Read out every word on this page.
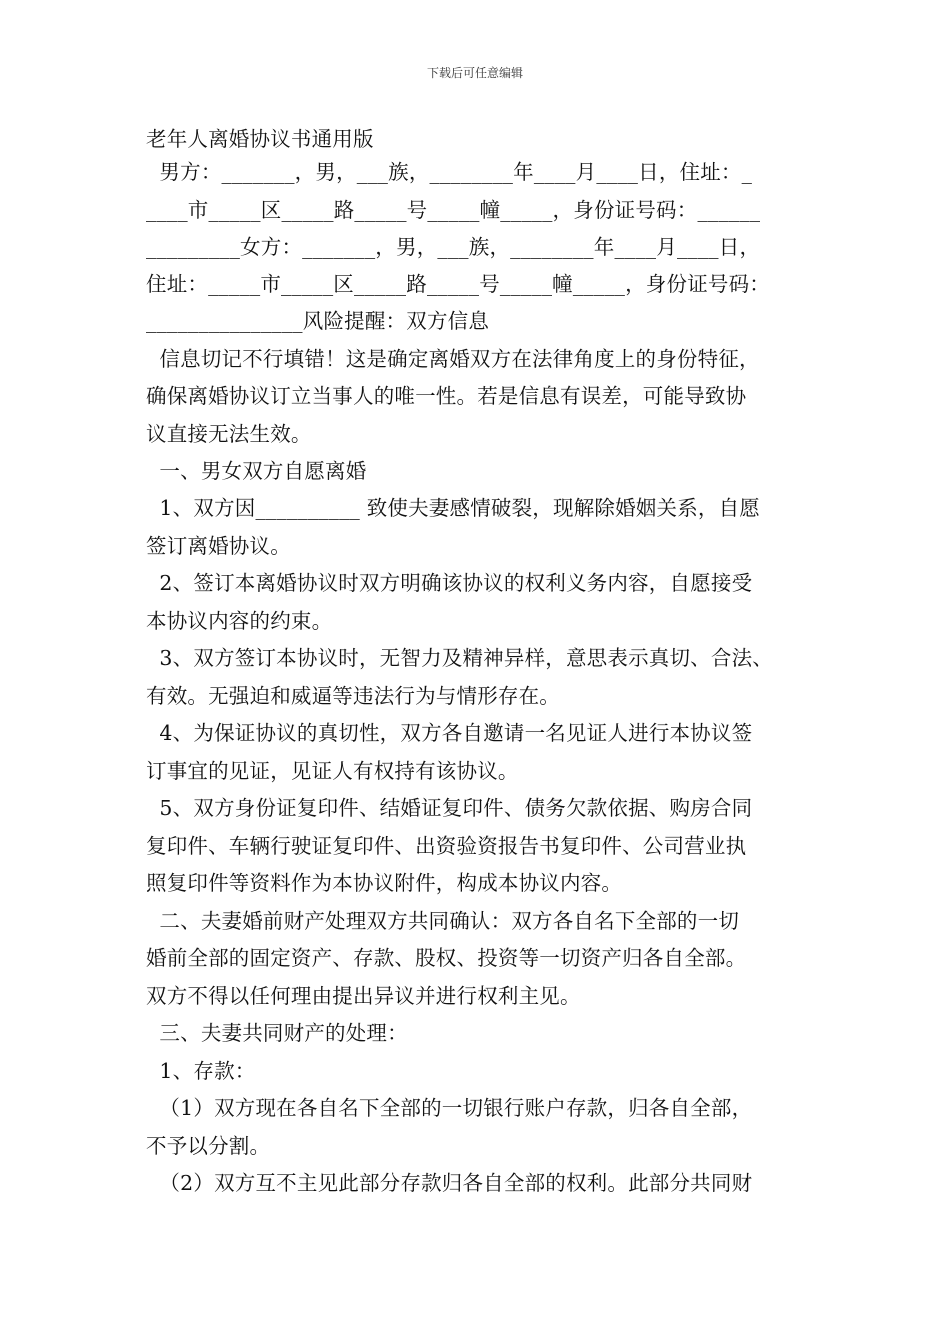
下载后可任意编辑
老年人离婚协议书通用版
男方：_______，男，___族，________年____月____日，住址：_
____市_____区_____路_____号_____幢_____，身份证号码：______
_________女方：_______，男，___族，________年____月____日，
住址：_____市_____区_____路_____号_____幢_____，身份证号码：
_______________风险提醒：双方信息
信息切记不行填错！这是确定离婚双方在法律角度上的身份特征，
确保离婚协议订立当事人的唯一性。若是信息有误差，可能导致协
议直接无法生效。
一、男女双方自愿离婚
1、双方因__________ 致使夫妻感情破裂，现解除婚姻关系，自愿
签订离婚协议。
2、签订本离婚协议时双方明确该协议的权利义务内容，自愿接受
本协议内容的约束。
3、双方签订本协议时，无智力及精神异样，意思表示真切、合法、
有效。无强迫和威逼等违法行为与情形存在。
4、为保证协议的真切性，双方各自邀请一名见证人进行本协议签
订事宜的见证，见证人有权持有该协议。
5、双方身份证复印件、结婚证复印件、债务欠款依据、购房合同
复印件、车辆行驶证复印件、出资验资报告书复印件、公司营业执
照复印件等资料作为本协议附件，构成本协议内容。
二、夫妻婚前财产处理双方共同确认：双方各自名下全部的一切
婚前全部的固定资产、存款、股权、投资等一切资产归各自全部。
双方不得以任何理由提出异议并进行权利主见。
三、夫妻共同财产的处理：
1、存款：
（1）双方现在各自名下全部的一切银行账户存款，归各自全部，
不予以分割。
（2）双方互不主见此部分存款归各自全部的权利。此部分共同财
